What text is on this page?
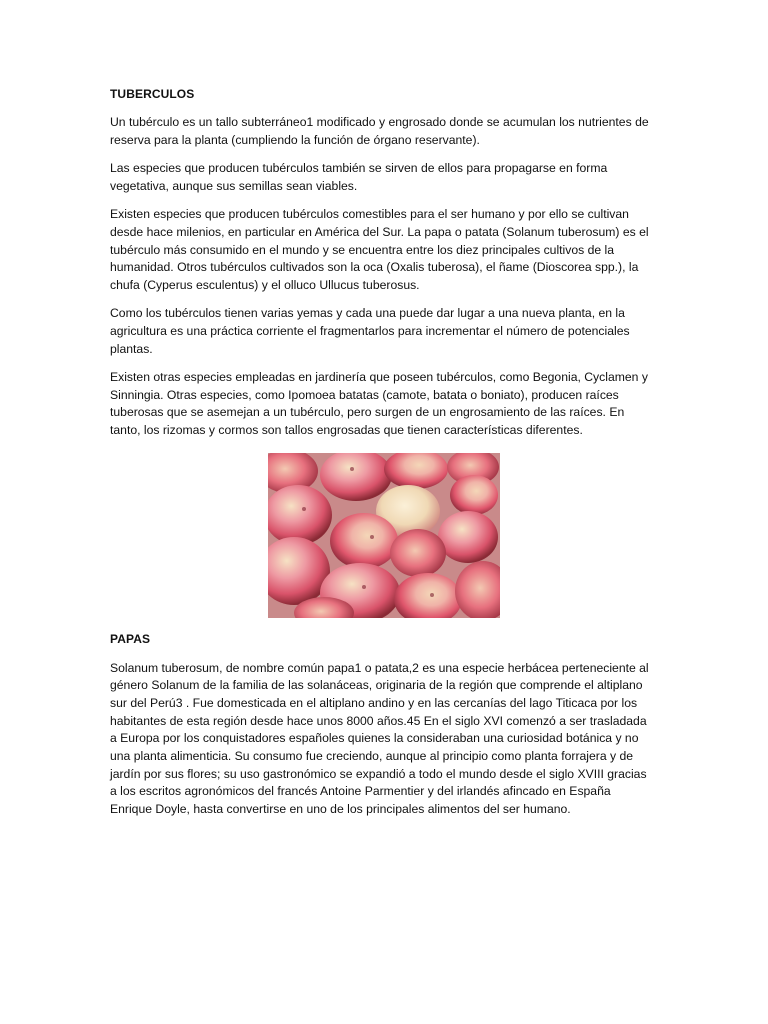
TUBERCULOS

Un tubérculo es un tallo subterráneo1 modificado y engrosado donde se acumulan los nutrientes de reserva para la planta (cumpliendo la función de órgano reservante).

Las especies que producen tubérculos también se sirven de ellos para propagarse en forma vegetativa, aunque sus semillas sean viables.

Existen especies que producen tubérculos comestibles para el ser humano y por ello se cultivan desde hace milenios, en particular en América del Sur. La papa o patata (Solanum tuberosum) es el tubérculo más consumido en el mundo y se encuentra entre los diez principales cultivos de la humanidad. Otros tubérculos cultivados son la oca (Oxalis tuberosa), el ñame (Dioscorea spp.), la chufa (Cyperus esculentus) y el olluco Ullucus tuberosus.

Como los tubérculos tienen varias yemas y cada una puede dar lugar a una nueva planta, en la agricultura es una práctica corriente el fragmentarlos para incrementar el número de potenciales plantas.

Existen otras especies empleadas en jardinería que poseen tubérculos, como Begonia, Cyclamen y Sinningia. Otras especies, como Ipomoea batatas (camote, batata o boniato), producen raíces tuberosas que se asemejan a un tubérculo, pero surgen de un engrosamiento de las raíces. En tanto, los rizomas y cormos son tallos engrosadas que tienen características diferentes.

PAPAS

Solanum tuberosum, de nombre común papa1 o patata,2 es una especie herbácea perteneciente al género Solanum de la familia de las solanáceas, originaria de la región que comprende el altiplano sur del Perú3 . Fue domesticada en el altiplano andino y en las cercanías del lago Titicaca por los habitantes de esta región desde hace unos 8000 años.45 En el siglo XVI comenzó a ser trasladada a Europa por los conquistadores españoles quienes la consideraban una curiosidad botánica y no una planta alimenticia. Su consumo fue creciendo, aunque al principio como planta forrajera y de jardín por sus flores; su uso gastronómico se expandió a todo el mundo desde el siglo XVIII gracias a los escritos agronómicos del francés Antoine Parmentier y del irlandés afincado en España Enrique Doyle, hasta convertirse en uno de los principales alimentos del ser humano.
